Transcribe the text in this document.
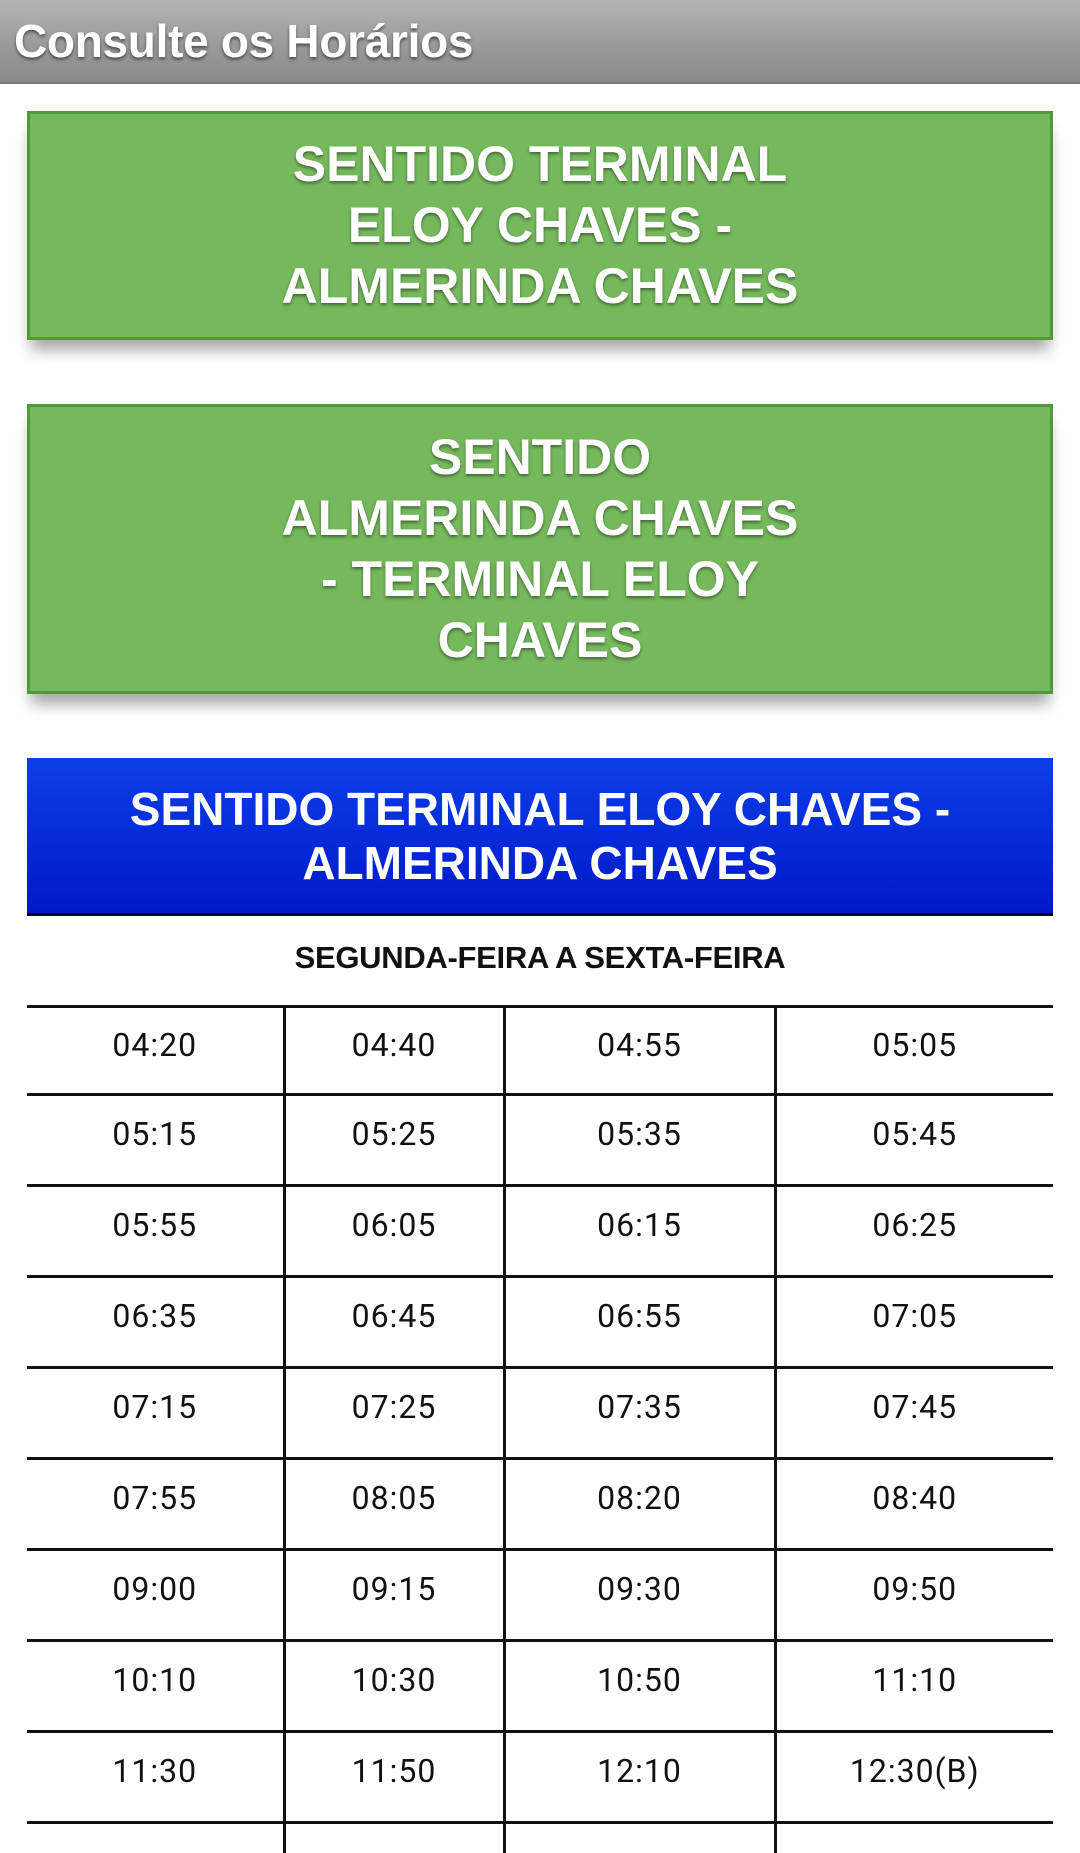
Consulte os Horários
SENTIDO TERMINAL ELOY CHAVES - ALMERINDA CHAVES
SENTIDO ALMERINDA CHAVES - TERMINAL ELOY CHAVES
SENTIDO TERMINAL ELOY CHAVES - ALMERINDA CHAVES
SEGUNDA-FEIRA A SEXTA-FEIRA
04:20	04:40	04:55	05:05
05:15	05:25	05:35	05:45
05:55	06:05	06:15	06:25
06:35	06:45	06:55	07:05
07:15	07:25	07:35	07:45
07:55	08:05	08:20	08:40
09:00	09:15	09:30	09:50
10:10	10:30	10:50	11:10
11:30	11:50	12:10	12:30(B)
